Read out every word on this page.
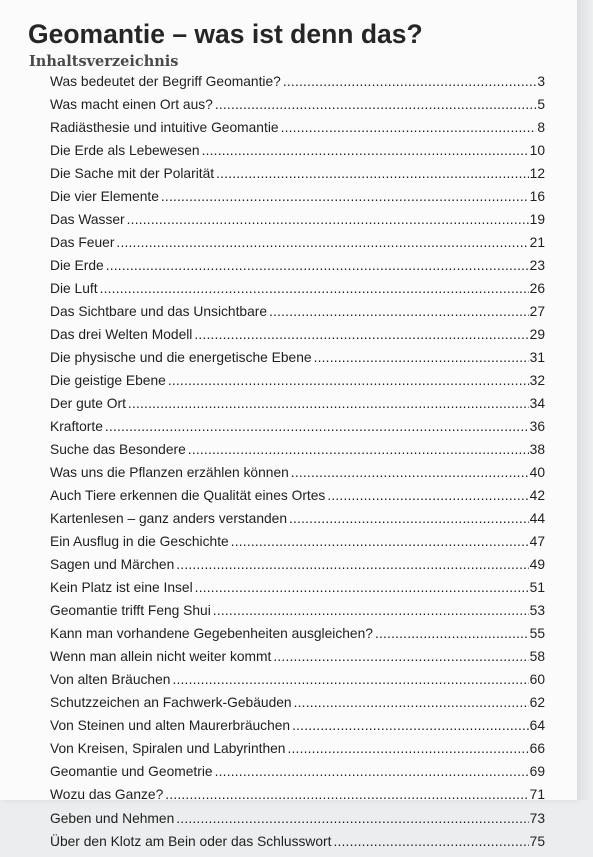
Geomantie – was ist denn das?
Inhaltsverzeichnis
Was bedeutet der Begriff Geomantie? .....	3
Was macht einen Ort aus? .....	5
Radiästhesie und intuitive Geomantie .....	8
Die Erde als Lebewesen .....	10
Die Sache mit der Polarität .....	12
Die vier Elemente .....	16
Das Wasser .....	19
Das Feuer .....	21
Die Erde .....	23
Die Luft .....	26
Das Sichtbare und das Unsichtbare .....	27
Das drei Welten Modell .....	29
Die physische und die energetische Ebene .....	31
Die geistige Ebene .....	32
Der gute Ort .....	34
Kraftorte .....	36
Suche das Besondere .....	38
Was uns die Pflanzen erzählen können .....	40
Auch Tiere erkennen die Qualität eines Ortes .....	42
Kartenlesen – ganz anders verstanden .....	44
Ein Ausflug in die Geschichte .....	47
Sagen und Märchen .....	49
Kein Platz ist eine Insel .....	51
Geomantie trifft Feng Shui .....	53
Kann man vorhandene Gegebenheiten ausgleichen? .....	55
Wenn man allein nicht weiter kommt .....	58
Von alten Bräuchen .....	60
Schutzzeichen an Fachwerk-Gebäuden .....	62
Von Steinen und alten Maurerbräuchen .....	64
Von Kreisen, Spiralen und Labyrinthen .....	66
Geomantie und Geometrie .....	69
Wozu das Ganze? .....	71
Geben und Nehmen .....	73
Über den Klotz am Bein oder das Schlusswort .....	75
